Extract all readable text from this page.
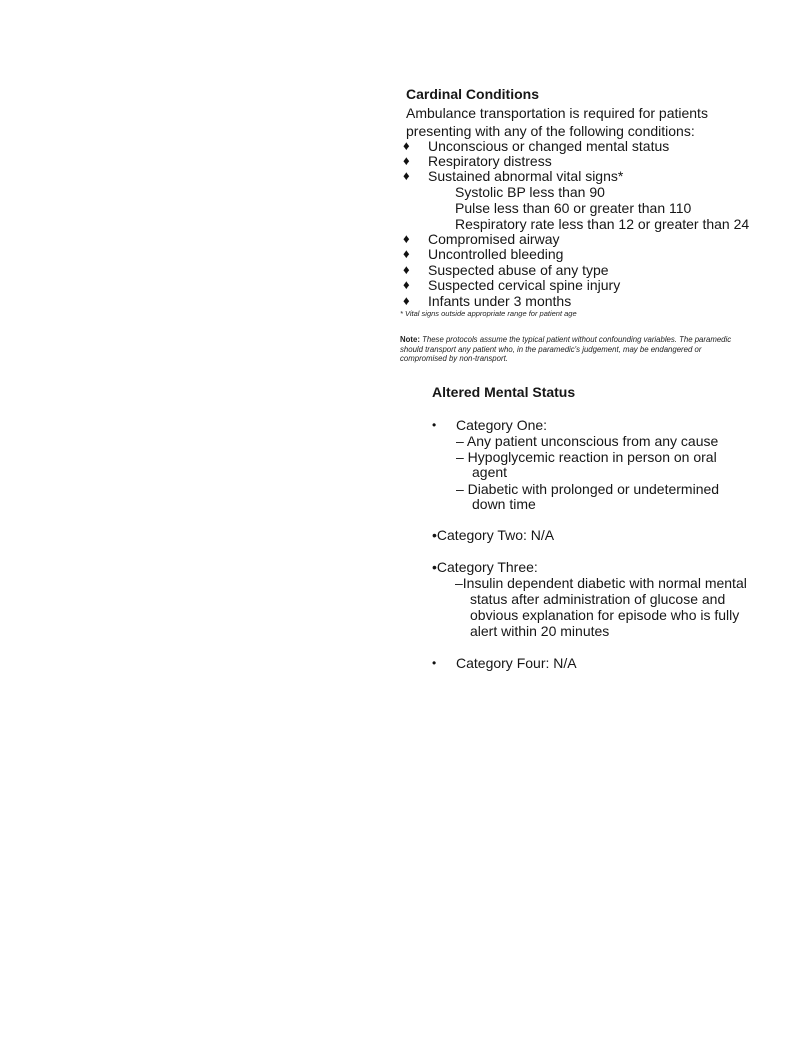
Cardinal Conditions
Ambulance transportation is required for patients
presenting with any of the following conditions:
♦ Unconscious or changed mental status
♦ Respiratory distress
♦ Sustained abnormal vital signs*
Systolic BP less than 90
Pulse less than 60 or greater than 110
Respiratory rate less than 12 or greater than 24
♦ Compromised airway
♦ Uncontrolled bleeding
♦ Suspected abuse of any type
♦ Suspected cervical spine injury
♦ Infants under 3 months
* Vital signs outside appropriate range for patient age
Note: These protocols assume the typical patient without confounding variables. The paramedic should transport any patient who, in the paramedic's judgement, may be endangered or compromised by non-transport.
Altered Mental Status
• Category One:
– Any patient unconscious from any cause
– Hypoglycemic reaction in person on oral
agent
– Diabetic with prolonged or undetermined
down time
•Category Two: N/A
•Category Three:
–Insulin dependent diabetic with normal mental
status after administration of glucose and
obvious explanation for episode who is fully
alert within 20 minutes
• Category Four: N/A
